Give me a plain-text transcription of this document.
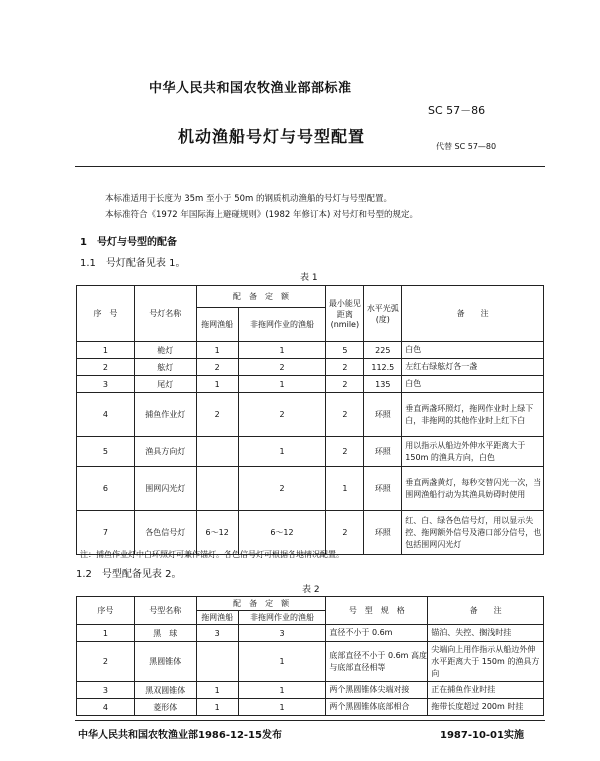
中华人民共和国农牧渔业部部标准
SC 57－86
机动渔船号灯与号型配置
代替 SC 57—80
本标准适用于长度为 35m 至小于 50m 的钢质机动渔船的号灯与号型配置。
本标准符合《1972 年国际海上避碰规则》(1982 年修订本) 对号灯和号型的规定。
1　号灯与号型的配备
1.1　号灯配备见表 1。
表 1
序　号	号灯名称	配　备　定　额		最小能见距离(nmile)	水平光弧(度)	备　　注
		拖网渔船	非拖网作业的渔船			
1	桅灯	1	1	5	225	白色
2	舷灯	2	2	2	112.5	左红右绿舷灯各一盏
3	尾灯	1	1	2	135	白色
4	捕鱼作业灯	2	2	2	环照	垂直两盏环照灯，拖网作业时上绿下白，非拖网的其他作业时上红下白
5	渔具方向灯		1	2	环照	用以指示从船边外伸水平距离大于 150m 的渔具方向，白色
6	围网闪光灯		2	1	环照	垂直两盏黄灯，每秒交替闪光一次，当围网渔船行动为其渔具妨碍时使用
7	各色信号灯	6～12	6～12	2	环照	红、白、绿各色信号灯，用以显示失控、拖网额外信号及港口部分信号，也包括围网闪光灯
注：捕鱼作业灯中白环照灯可兼作锚灯。各色信号灯可根据各地情况配置。
1.2　号型配备见表 2。
表 2
序号	号型名称	配　备　定　额		号　型　规　格	备　　注
		拖网渔船	非拖网作业的渔船		
1	黑　球	3	3	直径不小于 0.6m	锚泊、失控、搁浅时挂
2	黑圆锥体		1	底部直径不小于 0.6m 高度与底部直径相等	尖端向上用作指示从船边外伸水平距离大于 150m 的渔具方向
3	黑双圆锥体	1	1	两个黑圆锥体尖端对接	正在捕鱼作业时挂
4	菱形体	1	1	两个黑圆锥体底部相合	拖带长度超过 200m 时挂
中华人民共和国农牧渔业部1986-12-15发布	1987-10-01实施
